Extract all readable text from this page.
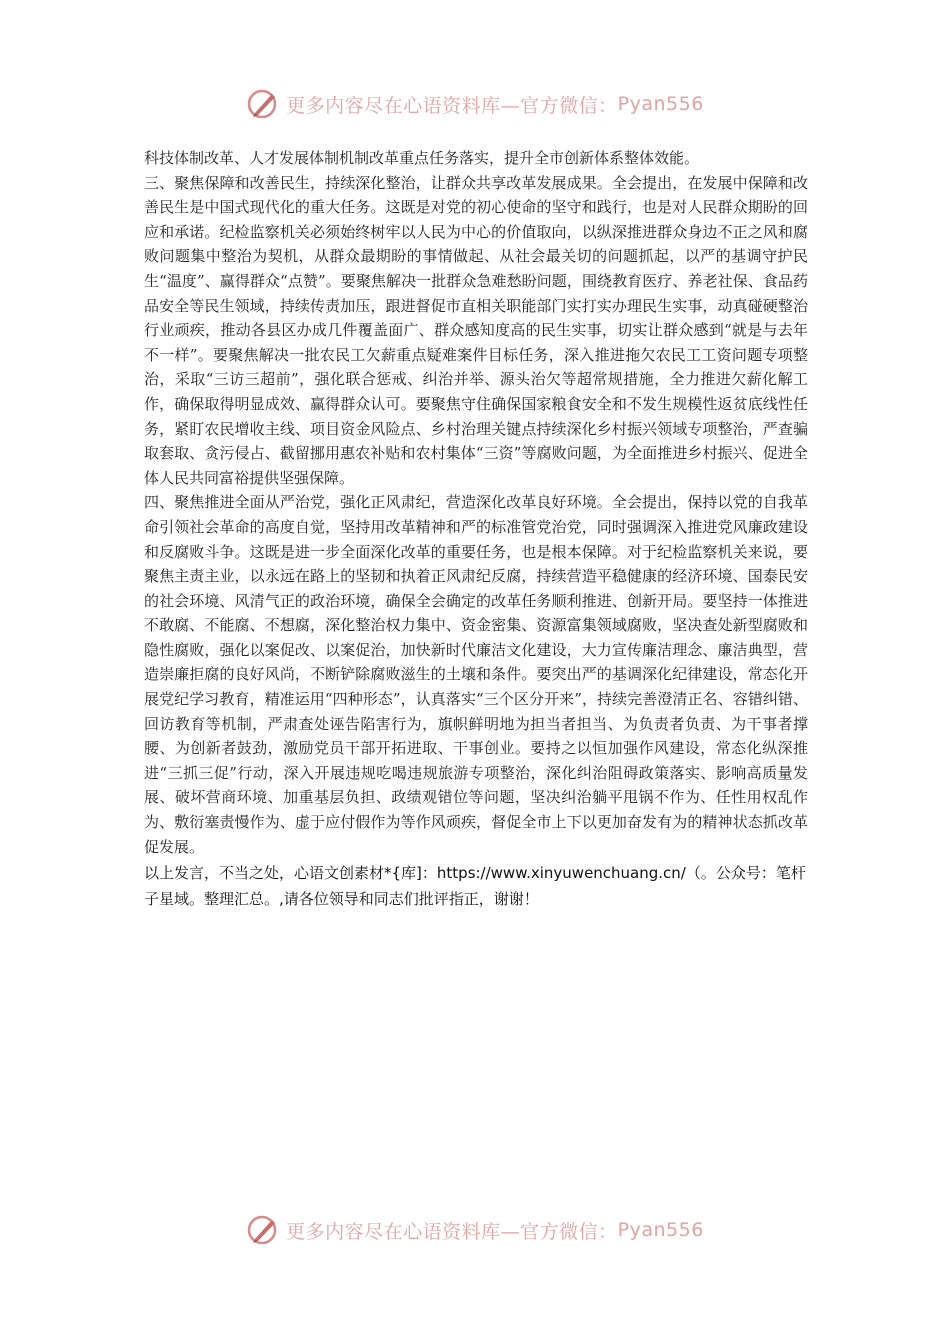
更多内容尽在心语资料库—官方微信： Pyan556

科技体制改革、人才发展体制机制改革重点任务落实，提升全市创新体系整体效能。

三、聚焦保障和改善民生，持续深化整治，让群众共享改革发展成果。全会提出，在发展中保障和改善民生是中国式现代化的重大任务。这既是对党的初心使命的坚守和践行，也是对人民群众期盼的回应和承诺。纪检监察机关必须始终树牢以人民为中心的价值取向，以纵深推进群众身边不正之风和腐败问题集中整治为契机，从群众最期盼的事情做起、从社会最关切的问题抓起，以严的基调守护民生“温度”、赢得群众“点赞”。要聚焦解决一批群众急难愁盼问题，围绕教育医疗、养老社保、食品药品安全等民生领域，持续传责加压，跟进督促市直相关职能部门实打实办理民生实事，动真碰硬整治行业顽疾，推动各县区办成几件覆盖面广、群众感知度高的民生实事，切实让群众感到“就是与去年不一样”。要聚焦解决一批农民工欠薪重点疑难案件目标任务，深入推进拖欠农民工工资问题专项整治，采取“三访三超前”，强化联合惩戒、纠治并举、源头治欠等超常规措施，全力推进欠薪化解工作，确保取得明显成效、赢得群众认可。要聚焦守住确保国家粮食安全和不发生规模性返贫底线性任务，紧盯农民增收主线、项目资金风险点、乡村治理关键点持续深化乡村振兴领域专项整治，严查骗取套取、贪污侵占、截留挪用惠农补贴和农村集体“三资”等腐败问题，为全面推进乡村振兴、促进全体人民共同富裕提供坚强保障。

四、聚焦推进全面从严治党，强化正风肃纪，营造深化改革良好环境。全会提出，保持以党的自我革命引领社会革命的高度自觉，坚持用改革精神和严的标准管党治党，同时强调深入推进党风廉政建设和反腐败斗争。这既是进一步全面深化改革的重要任务，也是根本保障。对于纪检监察机关来说，要聚焦主责主业，以永远在路上的坚韧和执着正风肃纪反腐，持续营造平稳健康的经济环境、国泰民安的社会环境、风清气正的政治环境，确保全会确定的改革任务顺利推进、创新开局。要坚持一体推进不敢腐、不能腐、不想腐，深化整治权力集中、资金密集、资源富集领域腐败，坚决查处新型腐败和隐性腐败，强化以案促改、以案促治，加快新时代廉洁文化建设，大力宣传廉洁理念、廉洁典型，营造崇廉拒腐的良好风尚，不断铲除腐败滋生的土壤和条件。要突出严的基调深化纪律建设，常态化开展党纪学习教育，精准运用“四种形态”，认真落实“三个区分开来”，持续完善澄清正名、容错纠错、回访教育等机制，严肃查处诬告陷害行为，旗帜鲜明地为担当者担当、为负责者负责、为干事者撑腰、为创新者鼓劲，激励党员干部开拓进取、干事创业。要持之以恒加强作风建设，常态化纵深推进“三抓三促”行动，深入开展违规吃喝违规旅游专项整治，深化纠治阻碍政策落实、影响高质量发展、破坏营商环境、加重基层负担、政绩观错位等问题，坚决纠治躺平甩锅不作为、任性用权乱作为、敷衍塞责慢作为、虚于应付假作为等作风顽疾，督促全市上下以更加奋发有为的精神状态抓改革促发展。

以上发言，不当之处，心语文创素材*{库]：https://www.xinyuwenchuang.cn/（。公众号：笔杆子星域。整理汇总。,请各位领导和同志们批评指正，谢谢！

更多内容尽在心语资料库—官方微信： Pyan556
